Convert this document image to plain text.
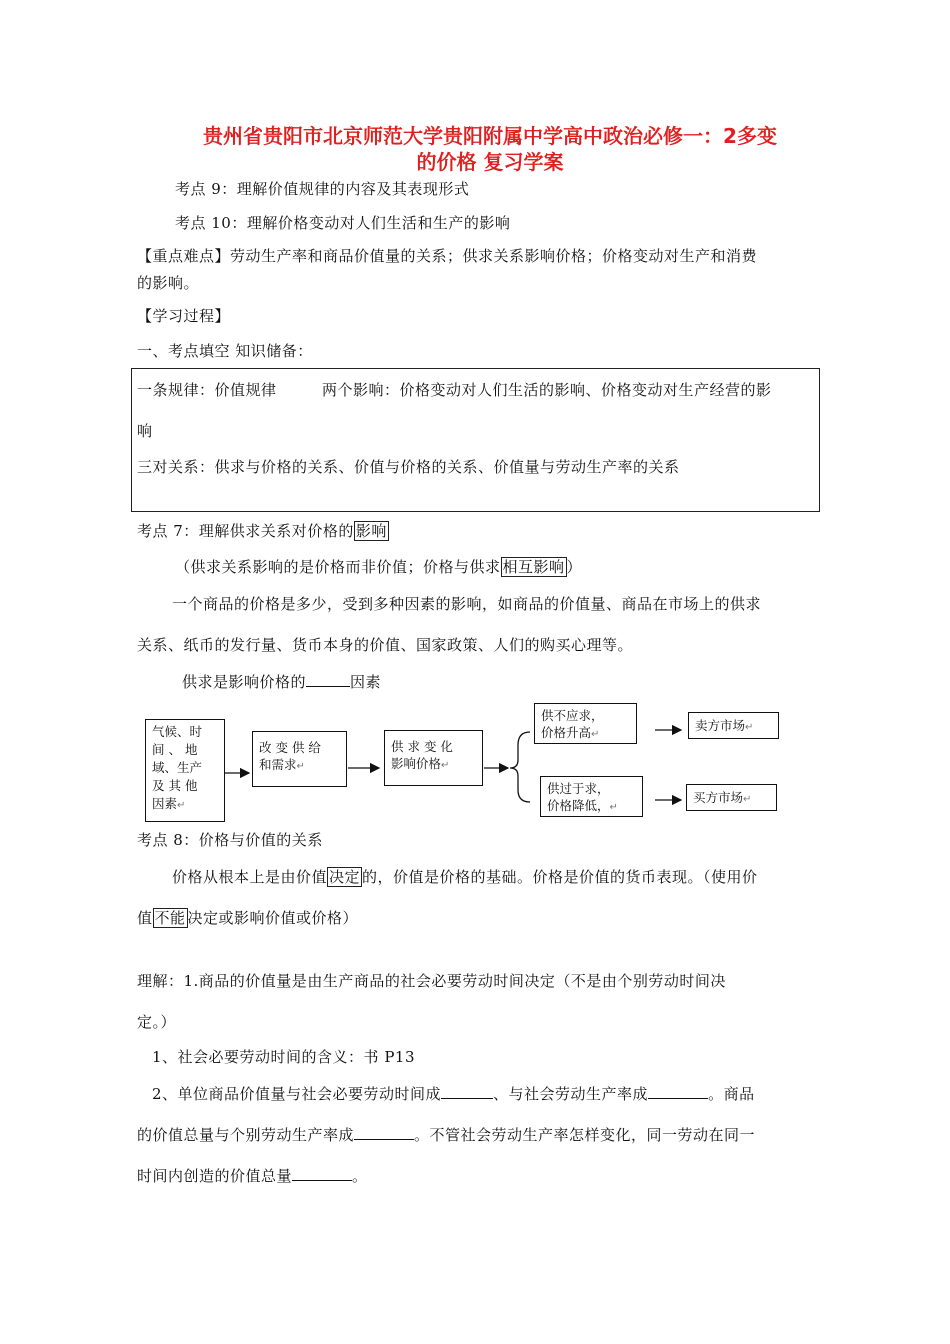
贵州省贵阳市北京师范大学贵阳附属中学高中政治必修一：2多变
的价格 复习学案
考点 9：理解价值规律的内容及其表现形式
考点 10：理解价格变动对人们生活和生产的影响
【重点难点】劳动生产率和商品价值量的关系；供求关系影响价格；价格变动对生产和消费
的影响。
【学习过程】
一、考点填空 知识储备：
一条规律：价值规律	两个影响：价格变动对人们生活的影响、价格变动对生产经营的影
响
三对关系：供求与价格的关系、价值与价格的关系、价值量与劳动生产率的关系
考点 7：理解供求关系对价格的 影响
（供求关系影响的是价格而非价值；价格与供求 相互影响 ）
一个商品的价格是多少，受到多种因素的影响，如商品的价值量、商品在市场上的供求
关系、纸币的发行量、货币本身的价值、国家政策、人们的购买心理等。
供求是影响价格的	因素
气候、时
间 、 地
域、生产
及 其 他
因素↵
改 变 供 给
和需求↵
供 求 变 化
影响价格↵
供不应求，
价格升高↵
供过于求，
价格降低，↵
卖方市场↵
买方市场↵
考点 8：价格与价值的关系
价格从根本上是由价值 决定 的，价值是价格的基础。价格是价值的货币表现。（使用价
值 不能 决定或影响价值或价格）
理解：1.商品的价值量是由生产商品的社会必要劳动时间决定（不是由个别劳动时间决
定。）
1、社会必要劳动时间的含义：书 P13
2、单位商品价值量与社会必要劳动时间成	、与社会劳动生产率成	。商品
的价值总量与个别劳动生产率成	。不管社会劳动生产率怎样变化，同一劳动在同一
时间内创造的价值总量	。
